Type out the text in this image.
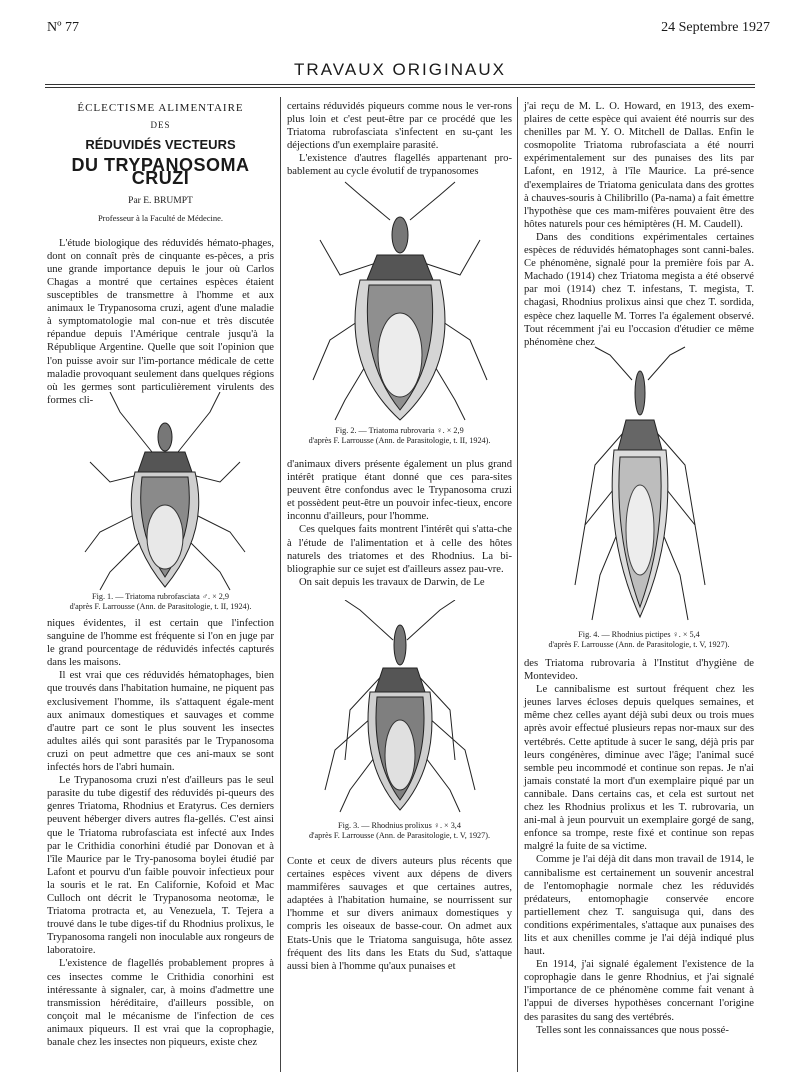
Nº 77	24 Septembre 1927
TRAVAUX ORIGINAUX
ÉCLECTISME ALIMENTAIRE
DES
RÉDUVIDÉS VECTEURS
DU TRYPANOSOMA CRUZI
Par E. BRUMPT
Professeur à la Faculté de Médecine.

L'étude biologique des réduvidés hémato-phages, dont on connaît près de cinquante es-pèces, a pris une grande importance depuis le jour où Carlos Chagas a montré que certaines espèces étaient susceptibles de transmettre à l'homme et aux animaux le Trypanosoma cruzi, agent d'une maladie à symptomatologie mal con-nue et très discutée répandue depuis l'Amérique centrale jusqu'à la République Argentine. Quelle que soit l'opinion que l'on puisse avoir sur l'im-portance médicale de cette maladie provoquant seulement dans quelques régions où les germes sont particulièrement virulents des formes cli-

Fig. 1. — Triatoma rubrofasciata ♂. × 2,9
d'après F. Larrousse (Ann. de Parasitologie, t. II, 1924).

niques évidentes, il est certain que l'infection sanguine de l'homme est fréquente si l'on en juge par le grand pourcentage de réduvidés infectés capturés dans les maisons.

Il est vrai que ces réduvidés hématophages, bien que trouvés dans l'habitation humaine, ne piquent pas exclusivement l'homme, ils s'attaquent égale-ment aux animaux domestiques et sauvages et comme d'autre part ce sont le plus souvent les insectes adultes ailés qui sont parasités par le Trypanosoma cruzi on peut admettre que ces ani-maux se sont infectés hors de l'abri humain.

Le Trypanosoma cruzi n'est d'ailleurs pas le seul parasite du tube digestif des réduvidés pi-queurs des genres Triatoma, Rhodnius et Eratyrus. Ces derniers peuvent héberger divers autres fla-gellés. C'est ainsi que le Triatoma rubrofasciata est infecté aux Indes par le Crithidia conorhini étudié par Donovan et à l'île Maurice par le Try-panosoma boylei étudié par Lafont et pourvu d'un faible pouvoir infectieux pour la souris et le rat. En Californie, Kofoid et Mac Culloch ont décrit le Trypanosoma neotomæ, le Triatoma protracta et, au Venezuela, T. Tejera a trouvé dans le tube diges-tif du Rhodnius prolixus, le Trypanosoma rangeli non inoculable aux rongeurs de laboratoire.

L'existence de flagellés probablement propres à ces insectes comme le Crithidia conorhini est intéressante à signaler, car, à moins d'admettre une transmission héréditaire, d'ailleurs possible, on conçoit mal le mécanisme de l'infection de ces animaux piqueurs. Il est vrai que la coprophagie, banale chez les insectes non piqueurs, existe chez

certains réduvidés piqueurs comme nous le ver-rons plus loin et c'est peut-être par ce procédé que les Triatoma rubrofasciata s'infectent en su-çant les déjections d'un exemplaire parasité.

L'existence d'autres flagellés appartenant pro-bablement au cycle évolutif de trypanosomes

Fig. 2. — Triatoma rubrovaria ♀. × 2,9
d'après F. Larrousse (Ann. de Parasitologie, t. II, 1924).

d'animaux divers présente également un plus grand intérêt pratique étant donné que ces para-sites peuvent être confondus avec le Trypanosoma cruzi et possèdent peut-être un pouvoir infec-tieux, encore inconnu d'ailleurs, pour l'homme.

Ces quelques faits montrent l'intérêt qui s'atta-che à l'étude de l'alimentation et à celle des hôtes naturels des triatomes et des Rhodnius. La bi-bliographie sur ce sujet est d'ailleurs assez pau-vre.

On sait depuis les travaux de Darwin, de Le

Fig. 3. — Rhodnius prolixus ♀. × 3,4
d'après F. Larrousse (Ann. de Parasitologie, t. V, 1927).

Conte et ceux de divers auteurs plus récents que certaines espèces vivent aux dépens de divers mammifères sauvages et que certaines autres, adaptées à l'habitation humaine, se nourrissent sur l'homme et sur divers animaux domestiques y compris les oiseaux de basse-cour. On admet aux Etats-Unis que le Triatoma sanguisuga, hôte assez fréquent des lits dans les Etats du Sud, s'attaque aussi bien à l'homme qu'aux punaises et

j'ai reçu de M. L. O. Howard, en 1913, des exem-plaires de cette espèce qui avaient été nourris sur des chenilles par M. Y. O. Mitchell de Dallas. Enfin le cosmopolite Triatoma rubrofasciata a été nourri expérimentalement sur des punaises des lits par Lafont, en 1912, à l'île Maurice. La pré-sence d'exemplaires de Triatoma geniculata dans des grottes à chauves-souris à Chilibrillo (Pa-nama) a fait émettre l'hypothèse que ces mam-mifères pouvaient être des hôtes naturels pour ces hémiptères (H. M. Caudell).

Dans des conditions expérimentales certaines espèces de réduvidés hématophages sont canni-bales. Ce phénomène, signalé pour la première fois par A. Machado (1914) chez Triatoma megista a été observé par moi (1914) chez T. infestans, T. megista, T. chagasi, Rhodnius prolixus ainsi que chez T. sordida, espèce chez laquelle M. Torres l'a également observé. Tout récemment j'ai eu l'occasion d'étudier ce même phénomène chez

Fig. 4. — Rhodnius pictipes ♀. × 5,4
d'après F. Larrousse (Ann. de Parasitologie, t. V, 1927).

des Triatoma rubrovaria à l'Institut d'hygiène de Montevideo.

Le cannibalisme est surtout fréquent chez les jeunes larves écloses depuis quelques semaines, et même chez celles ayant déjà subi deux ou trois mues après avoir effectué plusieurs repas nor-maux sur des vertébrés. Cette aptitude à sucer le sang, déjà pris par leurs congénères, diminue avec l'âge; l'animal sucé semble peu incommodé et continue son repas. Je n'ai jamais constaté la mort d'un exemplaire piqué par un cannibale. Dans certains cas, et cela est surtout net chez les Rhodnius prolixus et les T. rubrovaria, un ani-mal à jeun pourvuit un exemplaire gorgé de sang, enfonce sa trompe, reste fixé et continue son repas malgré la fuite de sa victime.

Comme je l'ai déjà dit dans mon travail de 1914, le cannibalisme est certainement un souvenir ancestral de l'entomophagie normale chez les réduvidés prédateurs, entomophagie conservée encore partiellement chez T. sanguisuga qui, dans des conditions expérimentales, s'attaque aux punaises des lits et aux chenilles comme je l'ai déjà indiqué plus haut.

En 1914, j'ai signalé également l'existence de la coprophagie dans le genre Rhodnius, et j'ai signalé l'importance de ce phénomène comme fait venant à l'appui de diverses hypothèses concernant l'origine des parasites du sang des vertébrés.

Telles sont les connaissances que nous possé-
